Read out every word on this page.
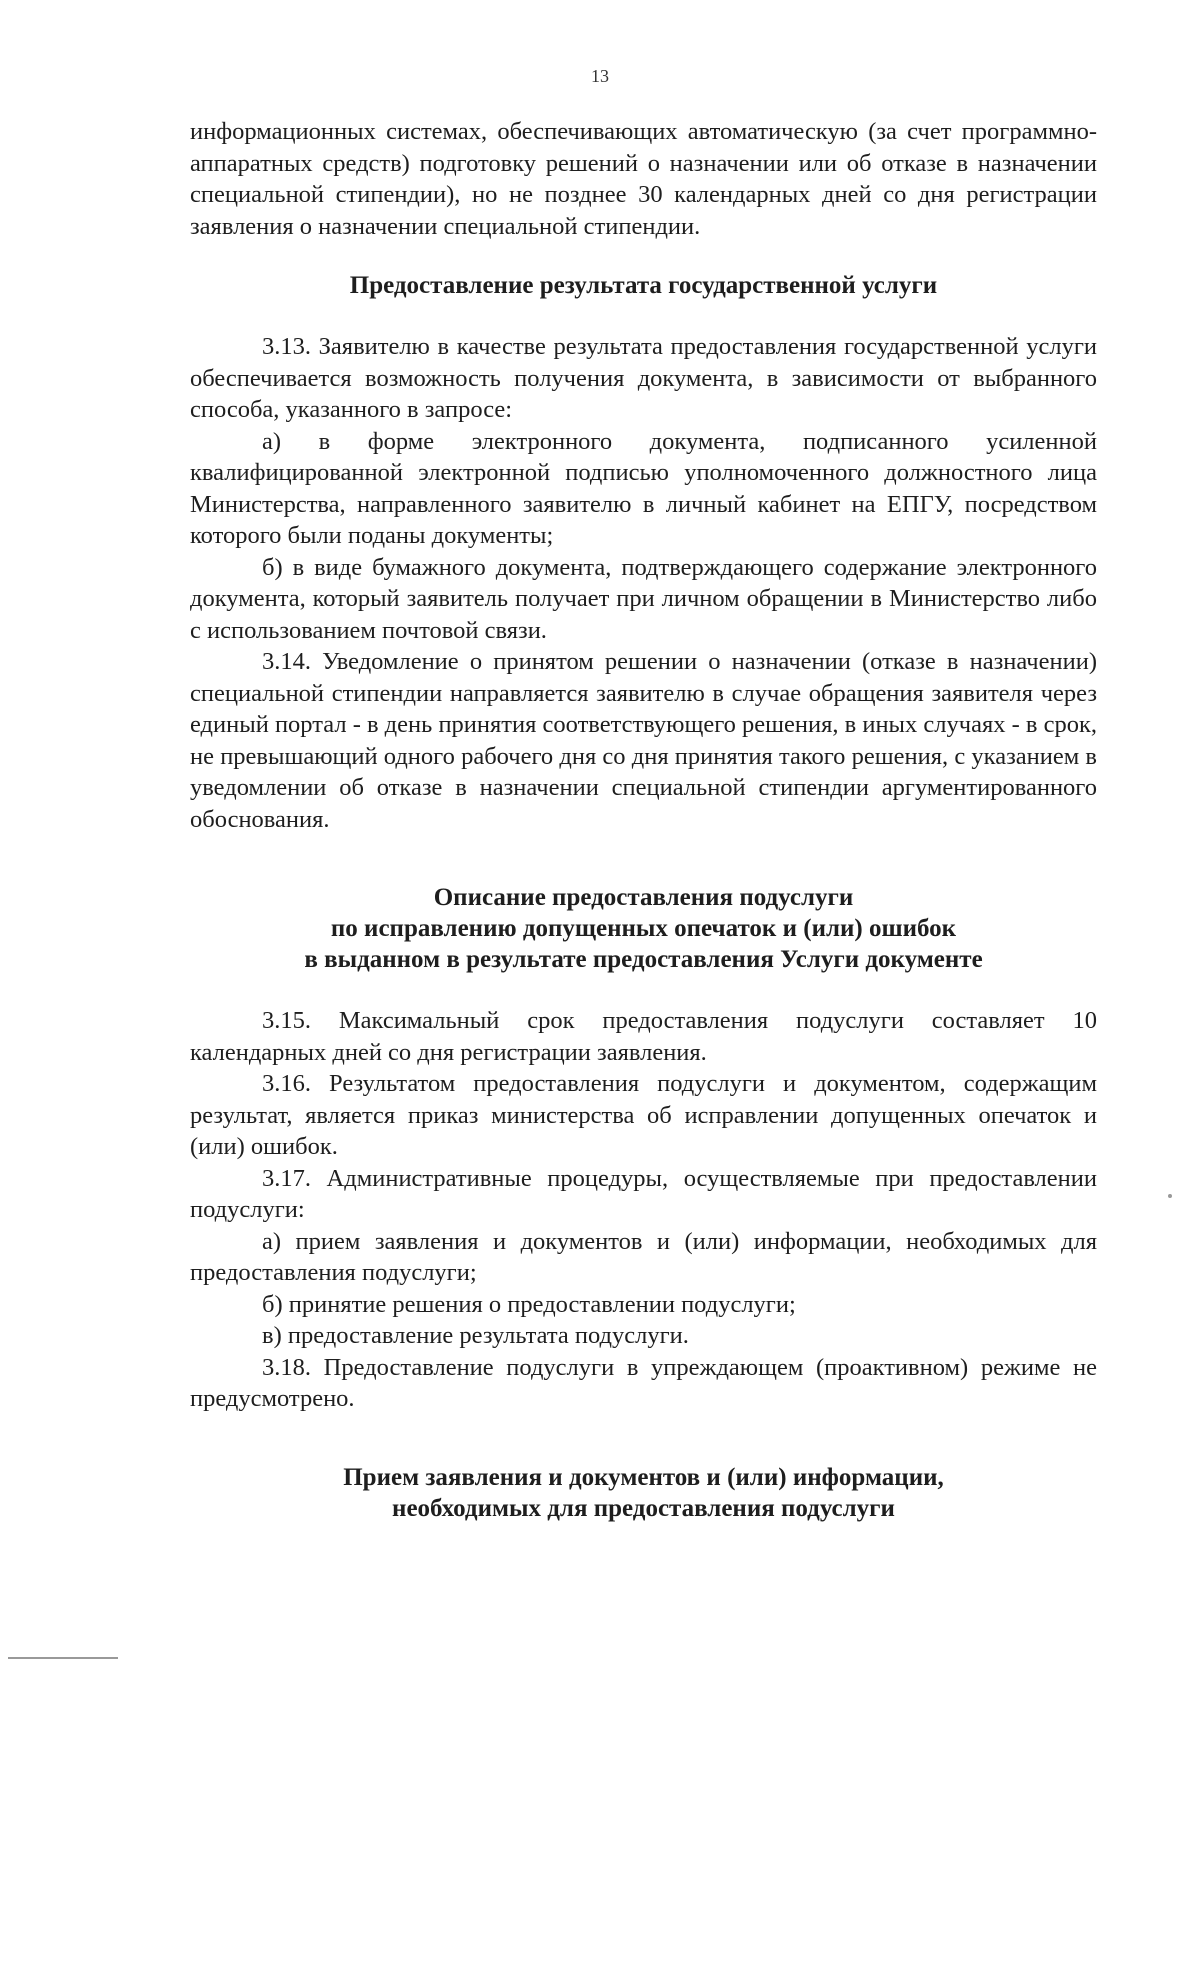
13

информационных системах, обеспечивающих автоматическую (за счет программно-аппаратных средств) подготовку решений о назначении или об отказе в назначении специальной стипендии), но не позднее 30 календарных дней со дня регистрации заявления о назначении специальной стипендии.

Предоставление результата государственной услуги

3.13. Заявителю в качестве результата предоставления государственной услуги обеспечивается возможность получения документа, в зависимости от выбранного способа, указанного в запросе:

а) в форме электронного документа, подписанного усиленной квалифицированной электронной подписью уполномоченного должностного лица Министерства, направленного заявителю в личный кабинет на ЕПГУ, посредством которого были поданы документы;

б) в виде бумажного документа, подтверждающего содержание электронного документа, который заявитель получает при личном обращении в Министерство либо с использованием почтовой связи.

3.14. Уведомление о принятом решении о назначении (отказе в назначении) специальной стипендии направляется заявителю в случае обращения заявителя через единый портал - в день принятия соответствующего решения, в иных случаях - в срок, не превышающий одного рабочего дня со дня принятия такого решения, с указанием в уведомлении об отказе в назначении специальной стипендии аргументированного обоснования.

Описание предоставления подуслуги
по исправлению допущенных опечаток и (или) ошибок
в выданном в результате предоставления Услуги документе

3.15. Максимальный срок предоставления подуслуги составляет 10 календарных дней со дня регистрации заявления.

3.16. Результатом предоставления подуслуги и документом, содержащим результат, является приказ министерства об исправлении допущенных опечаток и (или) ошибок.

3.17. Административные процедуры, осуществляемые при предоставлении подуслуги:

а) прием заявления и документов и (или) информации, необходимых для предоставления подуслуги;

б) принятие решения о предоставлении подуслуги;

в) предоставление результата подуслуги.

3.18. Предоставление подуслуги в упреждающем (проактивном) режиме не предусмотрено.

Прием заявления и документов и (или) информации,
необходимых для предоставления подуслуги
